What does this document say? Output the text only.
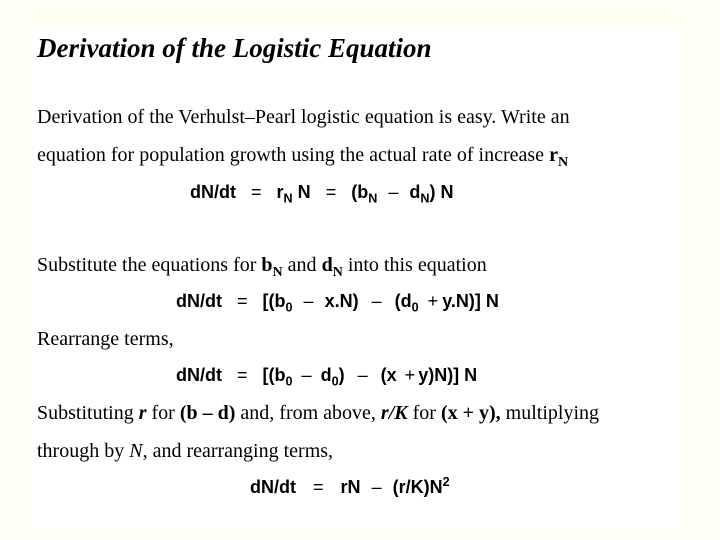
Derivation of the Logistic Equation
Derivation of the Verhulst–Pearl logistic equation is easy. Write an
equation for population growth using the actual rate of increase $r_N$
$dN/dt = r_N$ $N = (b_N - d_N)$ N
Substitute the equations for $b_N$ and $d_N$ into this equation
$dN/dt = [(b_0 - x.N) - (d_0 + y.N)]$ N
Rearrange terms,
$dN/dt = [(b_0 - d_0) - (x + y)N)$] N
Substituting r for (b – d) and, from above, r/K for (x + y), multiplying
through by N, and rearranging terms,
dN/dt = rN – $(r/K)N^2$
